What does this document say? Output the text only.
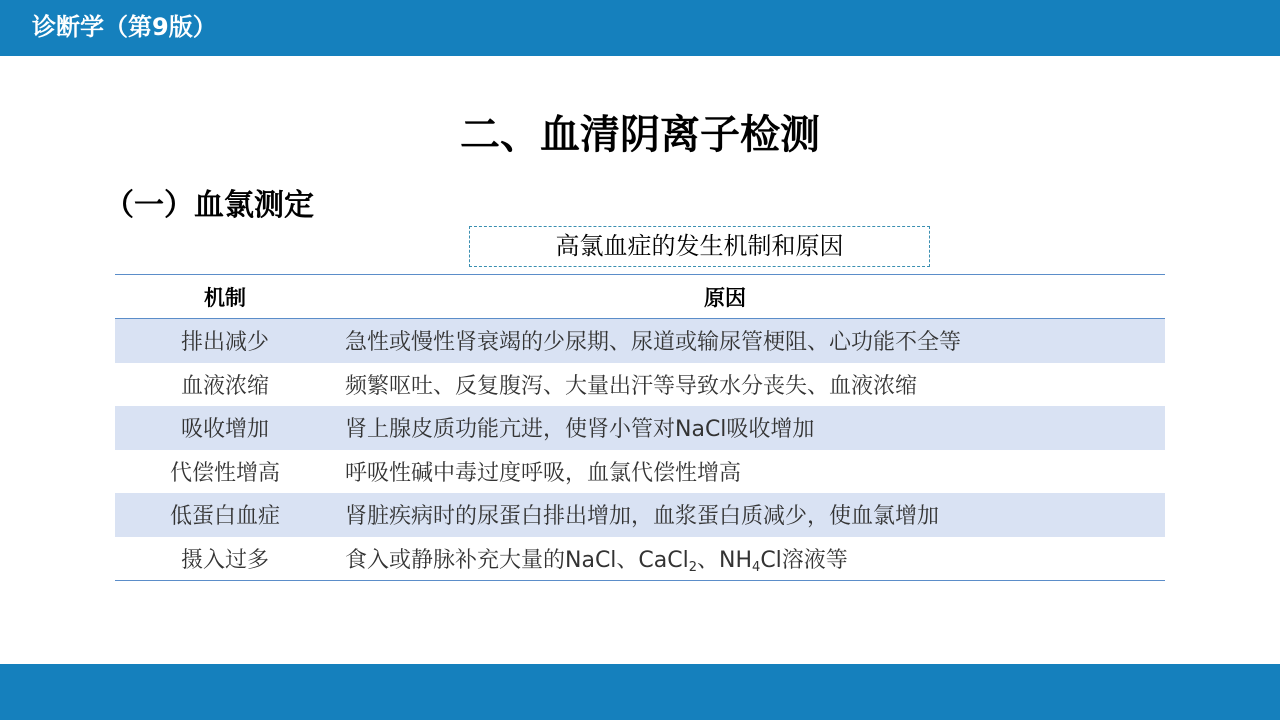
诊断学（第9版）
二、血清阴离子检测
（一）血氯测定
高氯血症的发生机制和原因
机制	原因
排出减少	急性或慢性肾衰竭的少尿期、尿道或输尿管梗阻、心功能不全等
血液浓缩	频繁呕吐、反复腹泻、大量出汗等导致水分丧失、血液浓缩
吸收增加	肾上腺皮质功能亢进，使肾小管对NaCl吸收增加
代偿性增高	呼吸性碱中毒过度呼吸，血氯代偿性增高
低蛋白血症	肾脏疾病时的尿蛋白排出增加，血浆蛋白质减少，使血氯增加
摄入过多	食入或静脉补充大量的NaCl、CaCl$_2$、$NH_4Cl$溶液等
